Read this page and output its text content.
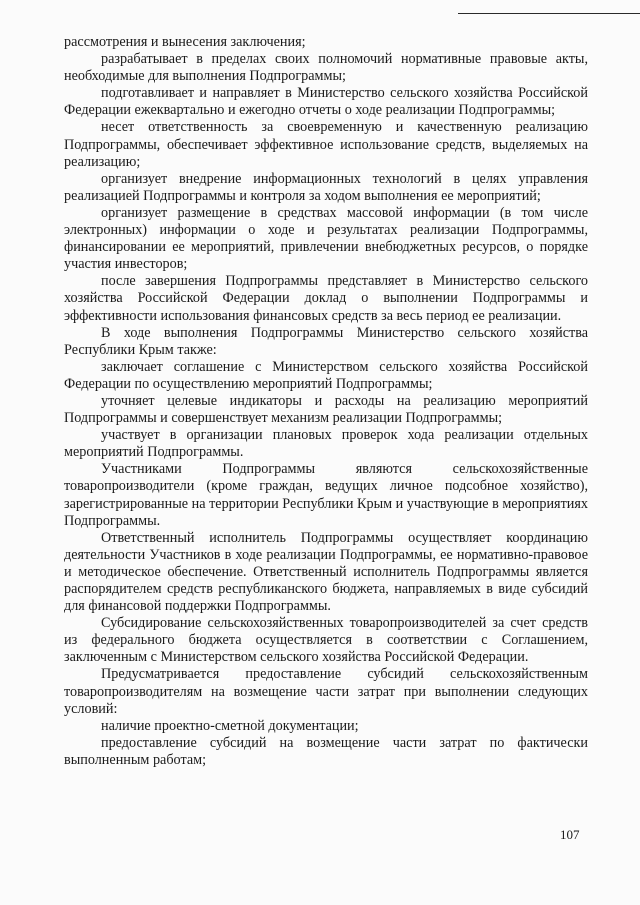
рассмотрения и вынесения заключения;

разрабатывает в пределах своих полномочий нормативные правовые акты, необходимые для выполнения Подпрограммы;

подготавливает и направляет в Министерство сельского хозяйства Российской Федерации ежеквартально и ежегодно отчеты о ходе реализации Подпрограммы;

несет ответственность за своевременную и качественную реализацию Подпрограммы, обеспечивает эффективное использование средств, выделяемых на реализацию;

организует внедрение информационных технологий в целях управления реализацией Подпрограммы и контроля за ходом выполнения ее мероприятий;

организует размещение в средствах массовой информации (в том числе электронных) информации о ходе и результатах реализации Подпрограммы, финансировании ее мероприятий, привлечении внебюджетных ресурсов, о порядке участия инвесторов;

после завершения Подпрограммы представляет в Министерство сельского хозяйства Российской Федерации доклад о выполнении Подпрограммы и эффективности использования финансовых средств за весь период ее реализации.

В ходе выполнения Подпрограммы Министерство сельского хозяйства Республики Крым также:

заключает соглашение с Министерством сельского хозяйства Российской Федерации по осуществлению мероприятий Подпрограммы;

уточняет целевые индикаторы и расходы на реализацию мероприятий Подпрограммы и совершенствует механизм реализации Подпрограммы;

участвует в организации плановых проверок хода реализации отдельных мероприятий Подпрограммы.

Участниками Подпрограммы являются сельскохозяйственные товаропроизводители (кроме граждан, ведущих личное подсобное хозяйство), зарегистрированные на территории Республики Крым и участвующие в мероприятиях Подпрограммы.

Ответственный исполнитель Подпрограммы осуществляет координацию деятельности Участников в ходе реализации Подпрограммы, ее нормативно-правовое и методическое обеспечение. Ответственный исполнитель Подпрограммы является распорядителем средств республиканского бюджета, направляемых в виде субсидий для финансовой поддержки Подпрограммы.

Субсидирование сельскохозяйственных товаропроизводителей за счет средств из федерального бюджета осуществляется в соответствии с Соглашением, заключенным с Министерством сельского хозяйства Российской Федерации.

Предусматривается предоставление субсидий сельскохозяйственным товаропроизводителям на возмещение части затрат при выполнении следующих условий:

наличие проектно-сметной документации;

предоставление субсидий на возмещение части затрат по фактически выполненным работам;

107
